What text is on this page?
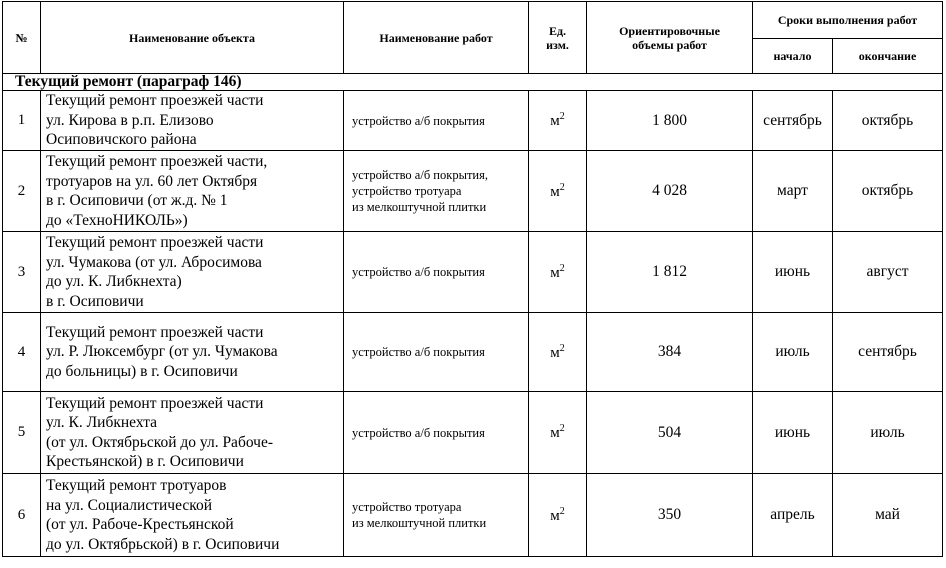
№	Наименование объекта	Наименование работ	Ед.
изм.	Ориентировочные
объемы работ	Сроки выполнения работ	
					начало	окончание
Текущий ремонт (параграф 146)						
1	Текущий ремонт проезжей части
ул. Кирова в р.п. Елизово
Осиповичского района	устройство а/б покрытия	$м^2$	1 800	сентябрь	октябрь
2	Текущий ремонт проезжей части,
тротуаров на ул. 60 лет Октября
в г. Осиповичи (от ж.д. № 1
до «ТехноНИКОЛЬ»)	устройство а/б покрытия,
устройство тротуара
из мелкоштучной плитки	$м^2$	4 028	март	октябрь
3	Текущий ремонт проезжей части
ул. Чумакова (от ул. Абросимова
до ул. К. Либкнехта)
в г. Осиповичи	устройство а/б покрытия	$м^2$	1 812	июнь	август
4	Текущий ремонт проезжей части
ул. Р. Люксембург (от ул. Чумакова
до больницы) в г. Осиповичи	устройство а/б покрытия	$м^2$	384	июль	сентябрь
5	Текущий ремонт проезжей части
ул. К. Либкнехта
(от ул. Октябрьской до ул. Рабоче-
Крестьянской) в г. Осиповичи	устройство а/б покрытия	$м^2$	504	июнь	июль
6	Текущий ремонт тротуаров
на ул. Социалистической
(от ул. Рабоче-Крестьянской
до ул. Октябрьской) в г. Осиповичи	устройство тротуара
из мелкоштучной плитки	$м^2$	350	апрель	май
